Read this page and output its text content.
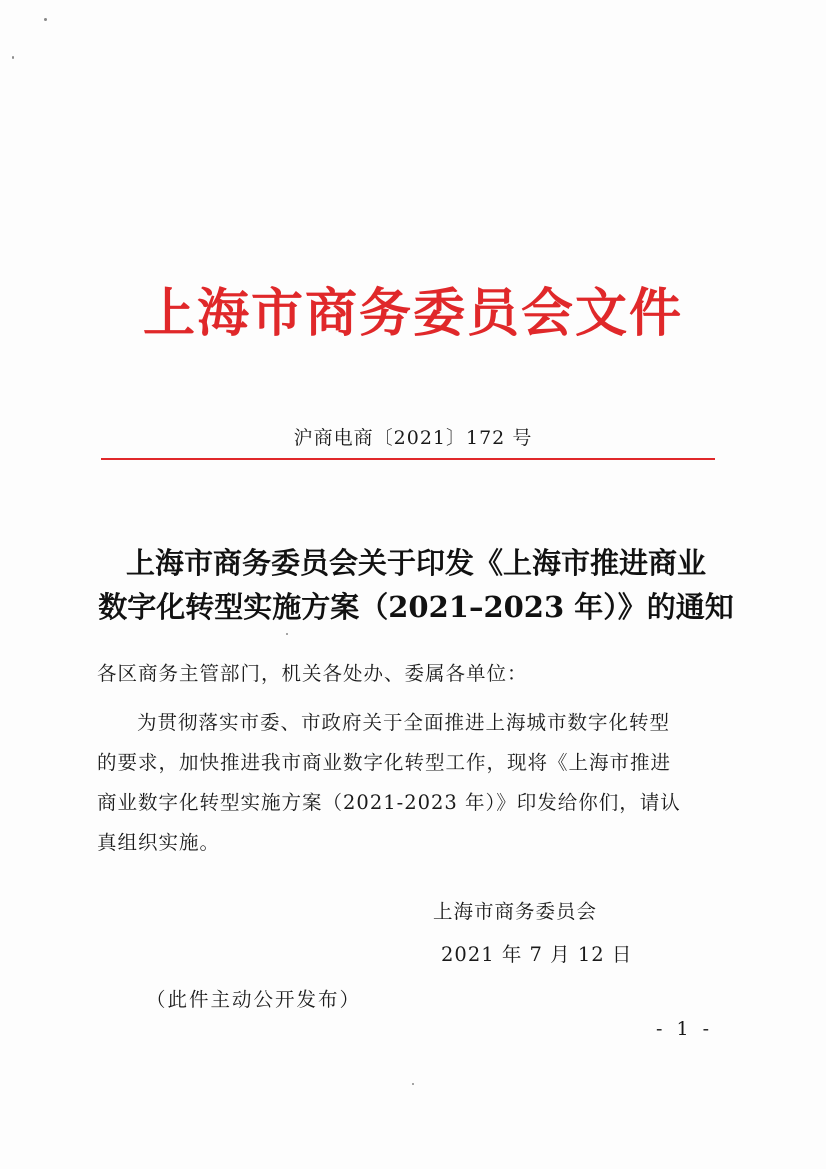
上海市商务委员会文件
沪商电商〔2021〕172 号
上海市商务委员会关于印发《上海市推进商业
数字化转型实施方案（2021–2023 年）》的通知
各区商务主管部门，机关各处办、委属各单位：
为贯彻落实市委、市政府关于全面推进上海城市数字化转型
的要求，加快推进我市商业数字化转型工作，现将《上海市推进
商业数字化转型实施方案（2021-2023 年）》印发给你们，请认
真组织实施。
上海市商务委员会
2021 年 7 月 12 日
（此件主动公开发布）
- 1 -
